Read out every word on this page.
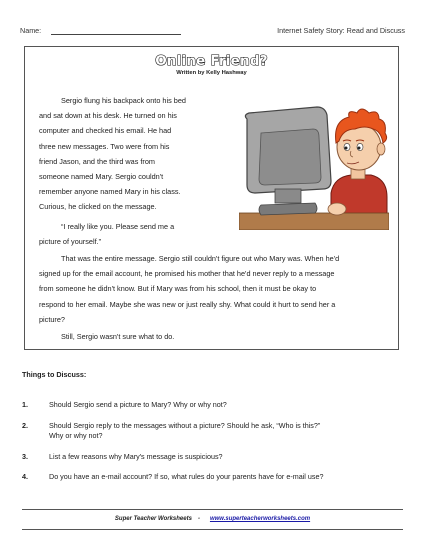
Name:	Internet Safety Story: Read and Discuss
Online Friend?
Written by Kelly Hashway
Sergio flung his backpack onto his bed
and sat down at his desk. He turned on his
computer and checked his email. He had
three new messages. Two were from his
friend Jason, and the third was from
someone named Mary. Sergio couldn't
remember anyone named Mary in his class.
Curious, he clicked on the message.
“I really like you. Please send me a
picture of yourself.”
That was the entire message. Sergio still couldn't figure out who Mary was. When he'd
signed up for the email account, he promised his mother that he'd never reply to a message
from someone he didn't know. But if Mary was from his school, then it must be okay to
respond to her email. Maybe she was new or just really shy. What could it hurt to send her a
picture?
Still, Sergio wasn't sure what to do.
Things to Discuss:
1.	Should Sergio send a picture to Mary? Why or why not?
2.	Should Sergio reply to the messages without a picture? Should he ask, “Who is this?”
Why or why not?
3.	List a few reasons why Mary's message is suspicious?
4.	Do you have an e-mail account? If so, what rules do your parents have for e-mail use?
Super Teacher Worksheets - www.superteacherworksheets.com
